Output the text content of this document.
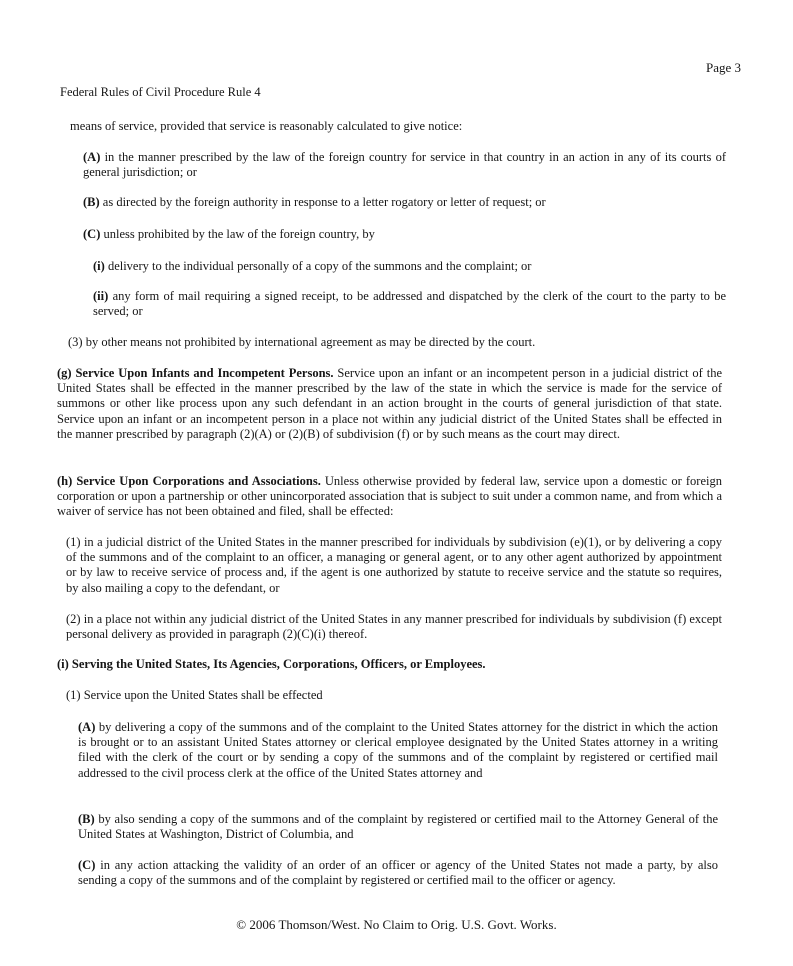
Page 3
Federal Rules of Civil Procedure Rule 4
means of service, provided that service is reasonably calculated to give notice:
(A) in the manner prescribed by the law of the foreign country for service in that country in an action in any of its courts of general jurisdiction; or
(B) as directed by the foreign authority in response to a letter rogatory or letter of request; or
(C) unless prohibited by the law of the foreign country, by
(i) delivery to the individual personally of a copy of the summons and the complaint; or
(ii) any form of mail requiring a signed receipt, to be addressed and dispatched by the clerk of the court to the party to be served; or
(3) by other means not prohibited by international agreement as may be directed by the court.
(g) Service Upon Infants and Incompetent Persons. Service upon an infant or an incompetent person in a judicial district of the United States shall be effected in the manner prescribed by the law of the state in which the service is made for the service of summons or other like process upon any such defendant in an action brought in the courts of general jurisdiction of that state. Service upon an infant or an incompetent person in a place not within any judicial district of the United States shall be effected in the manner prescribed by paragraph (2)(A) or (2)(B) of subdivision (f) or by such means as the court may direct.
(h) Service Upon Corporations and Associations. Unless otherwise provided by federal law, service upon a domestic or foreign corporation or upon a partnership or other unincorporated association that is subject to suit under a common name, and from which a waiver of service has not been obtained and filed, shall be effected:
(1) in a judicial district of the United States in the manner prescribed for individuals by subdivision (e)(1), or by delivering a copy of the summons and of the complaint to an officer, a managing or general agent, or to any other agent authorized by appointment or by law to receive service of process and, if the agent is one authorized by statute to receive service and the statute so requires, by also mailing a copy to the defendant, or
(2) in a place not within any judicial district of the United States in any manner prescribed for individuals by subdivision (f) except personal delivery as provided in paragraph (2)(C)(i) thereof.
(i) Serving the United States, Its Agencies, Corporations, Officers, or Employees.
(1) Service upon the United States shall be effected
(A) by delivering a copy of the summons and of the complaint to the United States attorney for the district in which the action is brought or to an assistant United States attorney or clerical employee designated by the United States attorney in a writing filed with the clerk of the court or by sending a copy of the summons and of the complaint by registered or certified mail addressed to the civil process clerk at the office of the United States attorney and
(B) by also sending a copy of the summons and of the complaint by registered or certified mail to the Attorney General of the United States at Washington, District of Columbia, and
(C) in any action attacking the validity of an order of an officer or agency of the United States not made a party, by also sending a copy of the summons and of the complaint by registered or certified mail to the officer or agency.
© 2006 Thomson/West. No Claim to Orig. U.S. Govt. Works.
